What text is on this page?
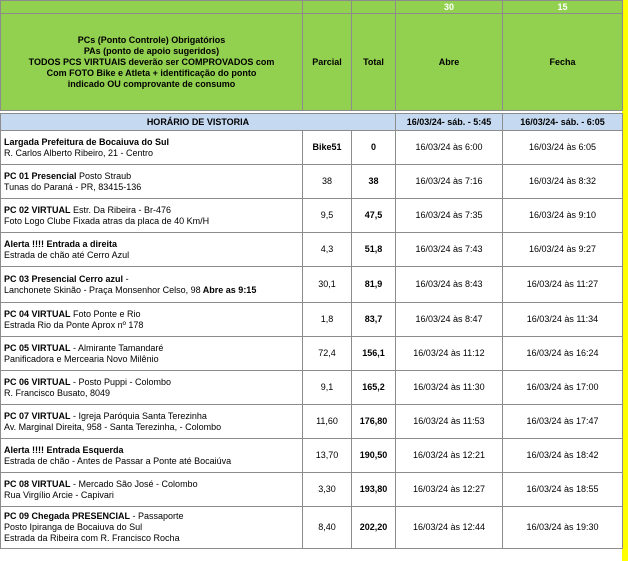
			30	15

PCs (Ponto Controle) Obrigatórios
PAs (ponto de apoio sugeridos)
TODOS PCS VIRTUAIS deverão ser COMPROVADOS com
Com FOTO Bike e Atleta + identificação do ponto
indicado OU comprovante de consumo	Parcial	Total	Abre	Fecha

HORÁRIO DE VISTORIA			16/03/24- sáb. - 5:45	16/03/24- sáb. - 6:05

Largada Prefeitura de Bocaiuva do Sul
R. Carlos Alberto Ribeiro, 21 - Centro	Bike51	0	16/03/24 às 6:00	16/03/24 às 6:05

PC 01 Presencial Posto Straub
Tunas do Paraná - PR, 83415-136	38	38	16/03/24 às 7:16	16/03/24 às 8:32

PC 02 VIRTUAL Estr. Da Ribeira - Br-476
Foto Logo Clube Fixada atras da placa de 40 Km/H	9,5	47,5	16/03/24 às 7:35	16/03/24 às 9:10

Alerta !!!! Entrada a direita
Estrada de chão até Cerro Azul	4,3	51,8	16/03/24 às 7:43	16/03/24 às 9:27

PC 03 Presencial Cerro azul -
Lanchonete Skinão - Praça Monsenhor Celso, 98 Abre as 9:15	30,1	81,9	16/03/24 às 8:43	16/03/24 às 11:27

PC 04 VIRTUAL Foto Ponte e Rio
Estrada Rio da Ponte Aprox nº 178	1,8	83,7	16/03/24 às 8:47	16/03/24 às 11:34

PC 05 VIRTUAL - Almirante Tamandaré
Panificadora e Mercearia Novo Milênio	72,4	156,1	16/03/24 às 11:12	16/03/24 às 16:24

PC 06 VIRTUAL - Posto Puppi - Colombo
R. Francisco Busato, 8049	9,1	165,2	16/03/24 às 11:30	16/03/24 às 17:00

PC 07 VIRTUAL - Igreja Paróquia Santa Terezinha
Av. Marginal Direita, 958 - Santa Terezinha, - Colombo	11,60	176,80	16/03/24 às 11:53	16/03/24 às 17:47

Alerta !!!! Entrada Esquerda
Estrada de chão - Antes de Passar a Ponte até Bocaiúva	13,70	190,50	16/03/24 às 12:21	16/03/24 às 18:42

PC 08 VIRTUAL - Mercado São José - Colombo
Rua Virgílio Arcie - Capivari	3,30	193,80	16/03/24 às 12:27	16/03/24 às 18:55

PC 09 Chegada PRESENCIAL - Passaporte
Posto Ipiranga de Bocaiuva do Sul
Estrada da Ribeira com R. Francisco Rocha	8,40	202,20	16/03/24 às 12:44	16/03/24 às 19:30
